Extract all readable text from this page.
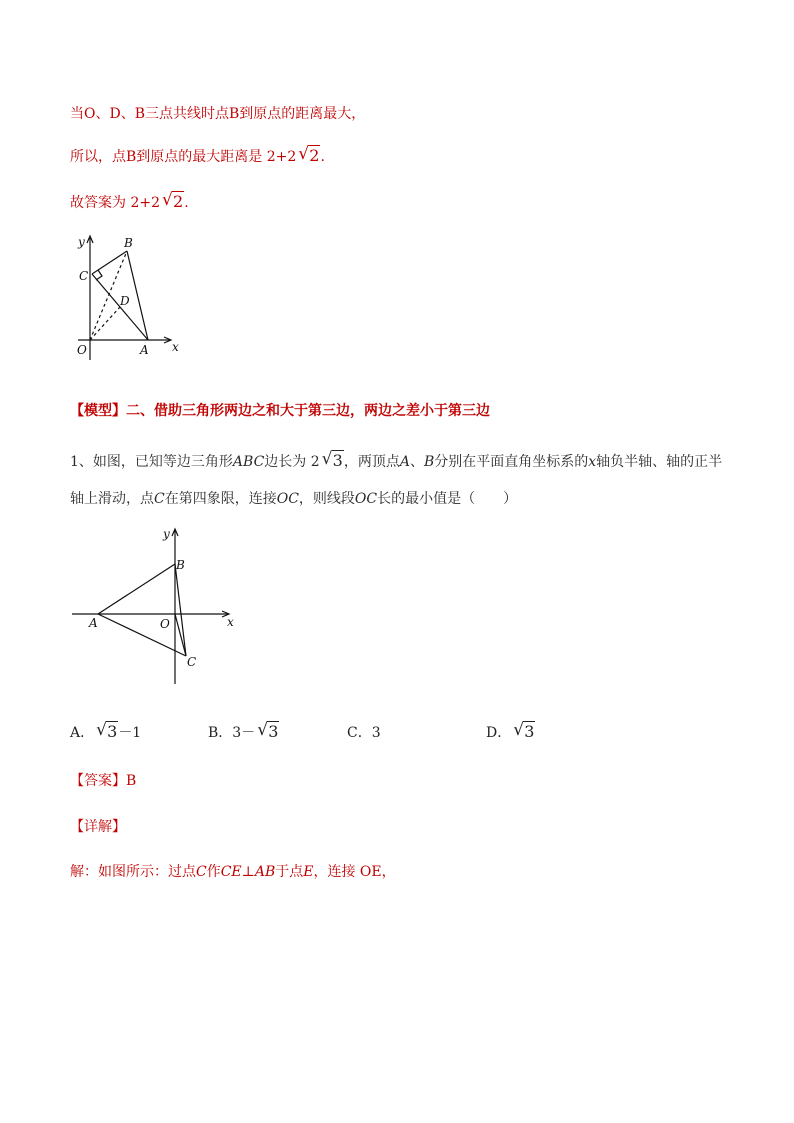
当O、D、B三点共线时点B到原点的距离最大，
所以，点B到原点的最大距离是 2+2 √ 2.
故答案为 2+2 √ 2.
y
x
B
C
D
O	A
【模型】二、借助三角形两边之和大于第三边，两边之差小于第三边
1、如图，已知等边三角形ABC边长为 2 √ 3，两顶点A、B分别在平面直角坐标系的x轴负半轴、轴的正半
轴上滑动，点C在第四象限，连接OC，则线段OC长的最小值是（　　）
y
x
A
B
C
O
A． √ 3－1	B．3－ √ 3	C．3	D． √ 3
【答案】B
【详解】
解：如图所示：过点C作CE⊥AB于点E，连接 OE，
